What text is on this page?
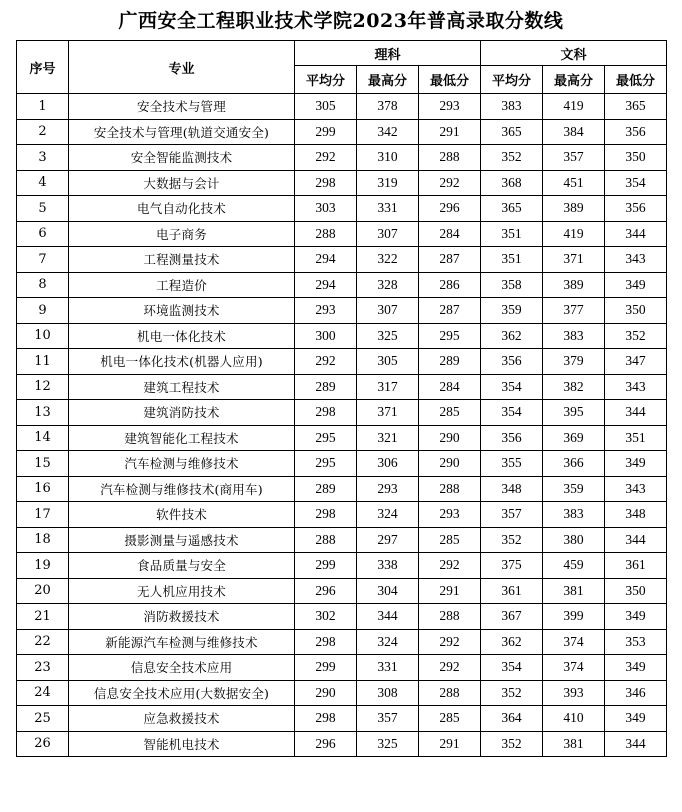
广西安全工程职业技术学院2023年普高录取分数线
序号	专业	理科			文科		
		平均分	最高分	最低分	平均分	最高分	最低分
1	安全技术与管理	305	378	293	383	419	365
2	安全技术与管理(轨道交通安全)	299	342	291	365	384	356
3	安全智能监测技术	292	310	288	352	357	350
4	大数据与会计	298	319	292	368	451	354
5	电气自动化技术	303	331	296	365	389	356
6	电子商务	288	307	284	351	419	344
7	工程测量技术	294	322	287	351	371	343
8	工程造价	294	328	286	358	389	349
9	环境监测技术	293	307	287	359	377	350
10	机电一体化技术	300	325	295	362	383	352
11	机电一体化技术(机器人应用)	292	305	289	356	379	347
12	建筑工程技术	289	317	284	354	382	343
13	建筑消防技术	298	371	285	354	395	344
14	建筑智能化工程技术	295	321	290	356	369	351
15	汽车检测与维修技术	295	306	290	355	366	349
16	汽车检测与维修技术(商用车)	289	293	288	348	359	343
17	软件技术	298	324	293	357	383	348
18	摄影测量与遥感技术	288	297	285	352	380	344
19	食品质量与安全	299	338	292	375	459	361
20	无人机应用技术	296	304	291	361	381	350
21	消防救援技术	302	344	288	367	399	349
22	新能源汽车检测与维修技术	298	324	292	362	374	353
23	信息安全技术应用	299	331	292	354	374	349
24	信息安全技术应用(大数据安全)	290	308	288	352	393	346
25	应急救援技术	298	357	285	364	410	349
26	智能机电技术	296	325	291	352	381	344
